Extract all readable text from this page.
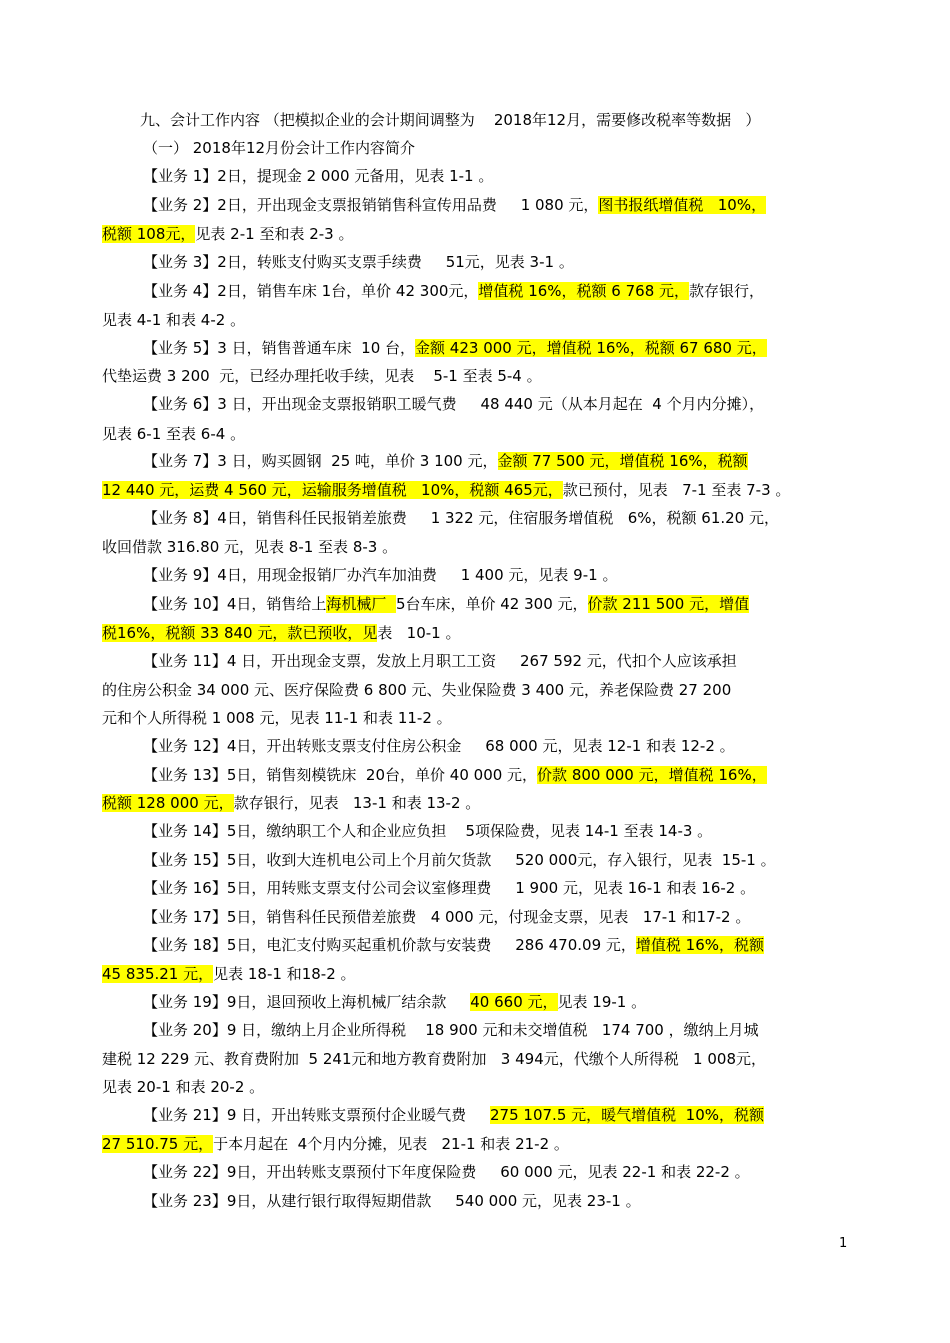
九、会计工作内容 （把模拟企业的会计期间调整为    2018年12月，需要修改税率等数据   ）
（一） 2018年12月份会计工作内容简介
【业务 1】2日，提现金 2 000 元备用，见表 1-1 。
【业务 2】2日，开出现金支票报销销售科宣传用品费     1 080 元，图书报纸增值税   10%，
税额 108元，见表 2-1 至和表 2-3 。
【业务 3】2日，转账支付购买支票手续费     51元，见表 3-1 。
【业务 4】2日，销售车床 1台，单价 42 300元，增值税 16%，税额 6 768 元，款存银行，
见表 4-1 和表 4-2 。
【业务 5】3 日，销售普通车床  10 台，金额 423 000 元，增值税 16%，税额 67 680 元，
代垫运费 3 200  元，已经办理托收手续，见表    5-1 至表 5-4 。
【业务 6】3 日，开出现金支票报销职工暖气费     48 440 元（从本月起在  4 个月内分摊），
见表 6-1 至表 6-4 。
【业务 7】3 日，购买圆钢  25 吨，单价 3 100 元，金额 77 500 元，增值税 16%，税额
12 440 元，运费 4 560 元，运输服务增值税   10%，税额 465元，款已预付，见表   7-1 至表 7-3 。
【业务 8】4日，销售科任民报销差旅费     1 322 元，住宿服务增值税   6%，税额 61.20 元，
收回借款 316.80 元，见表 8-1 至表 8-3 。
【业务 9】4日，用现金报销厂办汽车加油费     1 400 元，见表 9-1 。
【业务 10】4日，销售给上海机械厂  5台车床，单价 42 300 元，价款 211 500 元，增值
税16%，税额 33 840 元，款已预收，见表   10-1 。
【业务 11】4 日，开出现金支票，发放上月职工工资     267 592 元，代扣个人应该承担
的住房公积金 34 000 元、医疗保险费 6 800 元、失业保险费 3 400 元，养老保险费 27 200
元和个人所得税 1 008 元，见表 11-1 和表 11-2 。
【业务 12】4日，开出转账支票支付住房公积金     68 000 元，见表 12-1 和表 12-2 。
【业务 13】5日，销售刻模铣床  20台，单价 40 000 元，价款 800 000 元，增值税 16%，
税额 128 000 元，款存银行，见表   13-1 和表 13-2 。
【业务 14】5日，缴纳职工个人和企业应负担    5项保险费，见表 14-1 至表 14-3 。
【业务 15】5日，收到大连机电公司上个月前欠货款     520 000元，存入银行，见表  15-1 。
【业务 16】5日，用转账支票支付公司会议室修理费     1 900 元，见表 16-1 和表 16-2 。
【业务 17】5日，销售科任民预借差旅费   4 000 元，付现金支票，见表   17-1 和17-2 。
【业务 18】5日，电汇支付购买起重机价款与安装费     286 470.09 元，增值税 16%，税额
45 835.21 元，见表 18-1 和18-2 。
【业务 19】9日，退回预收上海机械厂结余款     40 660 元，见表 19-1 。
【业务 20】9 日，缴纳上月企业所得税    18 900 元和未交增值税   174 700 ，缴纳上月城
建税 12 229 元、教育费附加  5 241元和地方教育费附加   3 494元，代缴个人所得税   1 008元，
见表 20-1 和表 20-2 。
【业务 21】9 日，开出转账支票预付企业暖气费     275 107.5 元，暖气增值税  10%，税额
27 510.75 元，于本月起在  4个月内分摊，见表   21-1 和表 21-2 。
【业务 22】9日，开出转账支票预付下年度保险费     60 000 元，见表 22-1 和表 22-2 。
【业务 23】9日，从建行银行取得短期借款     540 000 元，见表 23-1 。
1
